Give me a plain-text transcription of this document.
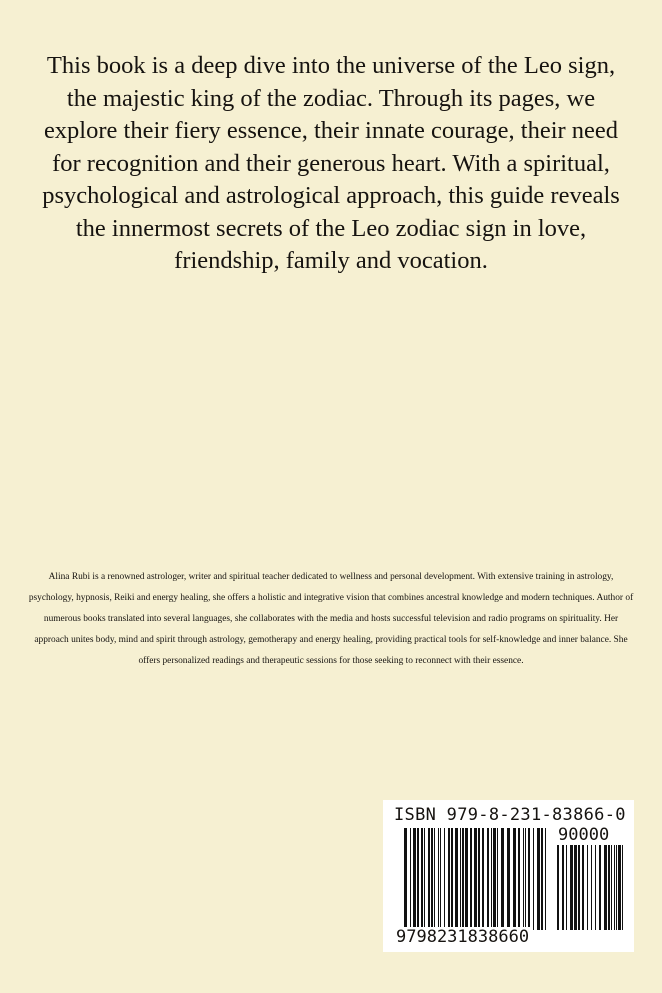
This book is a deep dive into the universe of the Leo sign, the majestic king of the zodiac. Through its pages, we explore their fiery essence, their innate courage, their need for recognition and their generous heart. With a spiritual, psychological and astrological approach, this guide reveals the innermost secrets of the Leo zodiac sign in love, friendship, family and vocation.

Alina Rubi is a renowned astrologer, writer and spiritual teacher dedicated to wellness and personal development. With extensive training in astrology, psychology, hypnosis, Reiki and energy healing, she offers a holistic and integrative vision that combines ancestral knowledge and modern techniques. Author of numerous books translated into several languages, she collaborates with the media and hosts successful television and radio programs on spirituality. Her approach unites body, mind and spirit through astrology, gemotherapy and energy healing, providing practical tools for self-knowledge and inner balance. She offers personalized readings and therapeutic sessions for those seeking to reconnect with their essence.

ISBN 979-8-231-83866-0
90000
9798231838660
